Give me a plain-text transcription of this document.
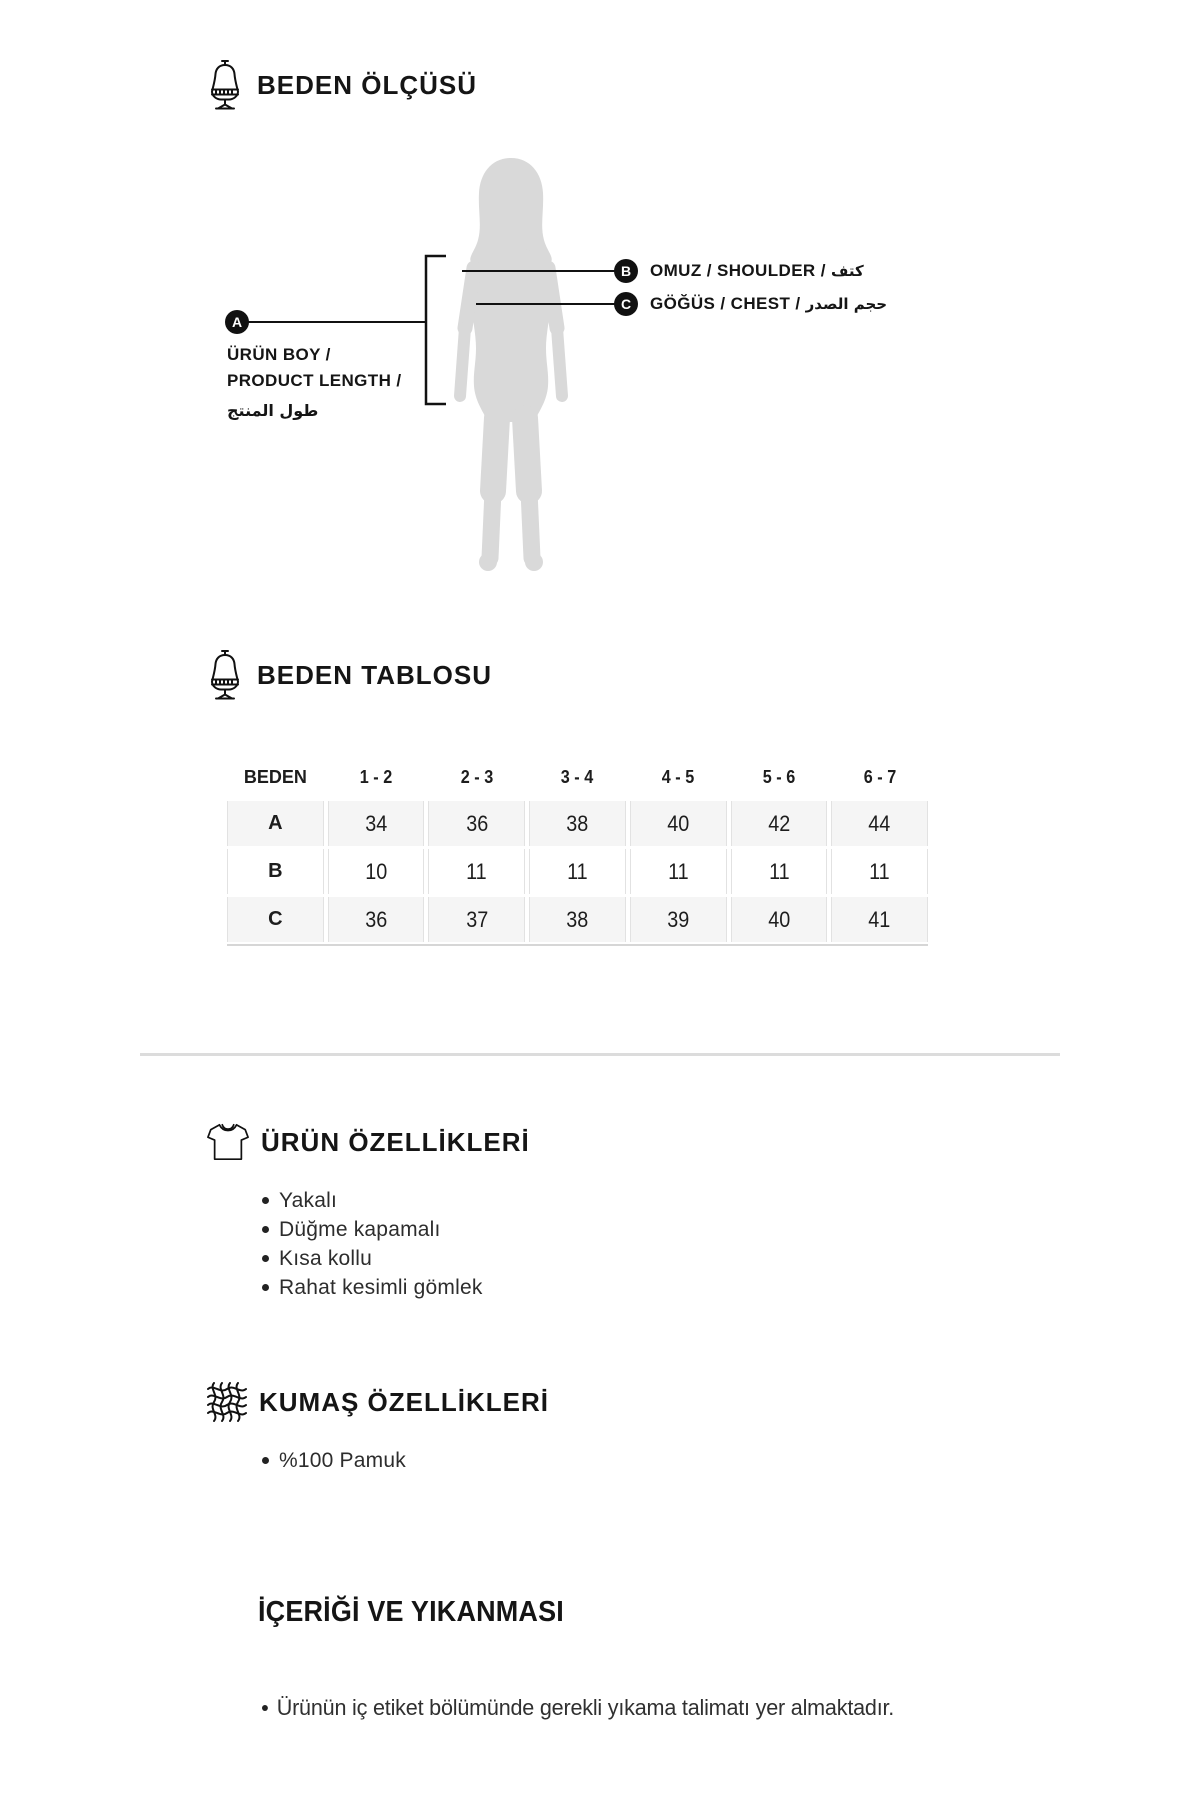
BEDEN ÖLÇÜSÜ
A
B
C
OMUZ / SHOULDER / كتف
GÖĞÜS / CHEST / حجم الصدر
ÜRÜN BOY /
PRODUCT LENGTH /
طول المنتج
BEDEN TABLOSU
BEDEN	1 - 2	2 - 3	3 - 4	4 - 5	5 - 6	6 - 7
A	34	36	38	40	42	44
B	10	11	11	11	11	11
C	36	37	38	39	40	41
ÜRÜN ÖZELLİKLERİ
Yakalı
Düğme kapamalı
Kısa kollu
Rahat kesimli gömlek
KUMAŞ ÖZELLİKLERİ
%100 Pamuk
İÇERİĞİ VE YIKANMASI
Ürünün iç etiket bölümünde gerekli yıkama talimatı yer almaktadır.
